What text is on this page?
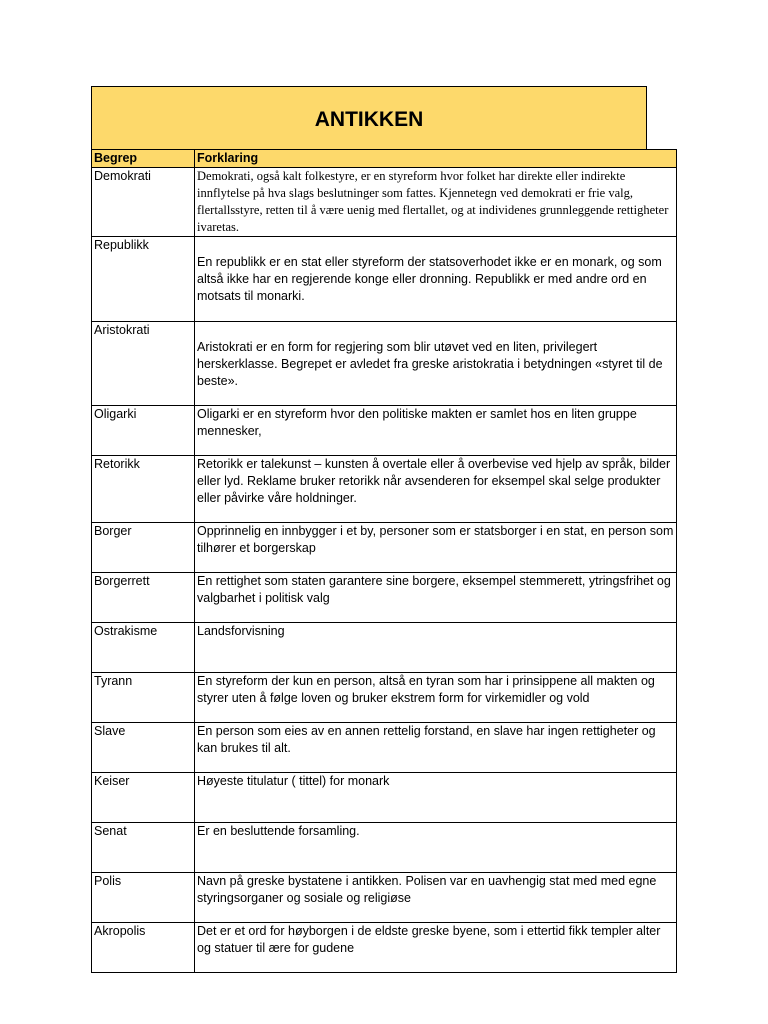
ANTIKKEN
Begrep	Forklaring
Demokrati	Demokrati, også kalt folkestyre, er en styreform hvor folket har direkte eller indirekte innflytelse på hva slags beslutninger som fattes. Kjennetegn ved demokrati er frie valg, flertallsstyre, retten til å være uenig med flertallet, og at individenes grunnleggende rettigheter ivaretas.
Republikk	En republikk er en stat eller styreform der statsoverhodet ikke er en monark, og som altså ikke har en regjerende konge eller dronning. Republikk er med andre ord en motsats til monarki.
Aristokrati	Aristokrati er en form for regjering som blir utøvet ved en liten, privilegert herskerklasse. Begrepet er avledet fra greske aristokratia i betydningen «styret til de beste».
Oligarki	Oligarki er en styreform hvor den politiske makten er samlet hos en liten gruppe mennesker,
Retorikk	Retorikk er talekunst – kunsten å overtale eller å overbevise ved hjelp av språk, bilder eller lyd. Reklame bruker retorikk når avsenderen for eksempel skal selge produkter eller påvirke våre holdninger.
Borger	Opprinnelig en innbygger i et by, personer som er statsborger i en stat, en person som tilhører et borgerskap
Borgerrett	En rettighet som staten garantere sine borgere, eksempel stemmerett, ytringsfrihet og valgbarhet i politisk valg
Ostrakisme	Landsforvisning
Tyrann	En styreform der kun en person, altså en tyran som har i prinsippene all makten og styrer uten å følge loven og bruker ekstrem form for virkemidler og vold
Slave	En person som eies av en annen rettelig forstand, en slave har ingen rettigheter og kan brukes til alt.
Keiser	Høyeste titulatur ( tittel) for monark
Senat	Er en besluttende forsamling.
Polis	Navn på greske bystatene i antikken. Polisen var en uavhengig stat med med egne styringsorganer og sosiale og religiøse
Akropolis	Det er et ord for høyborgen i de eldste greske byene, som i ettertid fikk templer alter og statuer til ære for gudene
